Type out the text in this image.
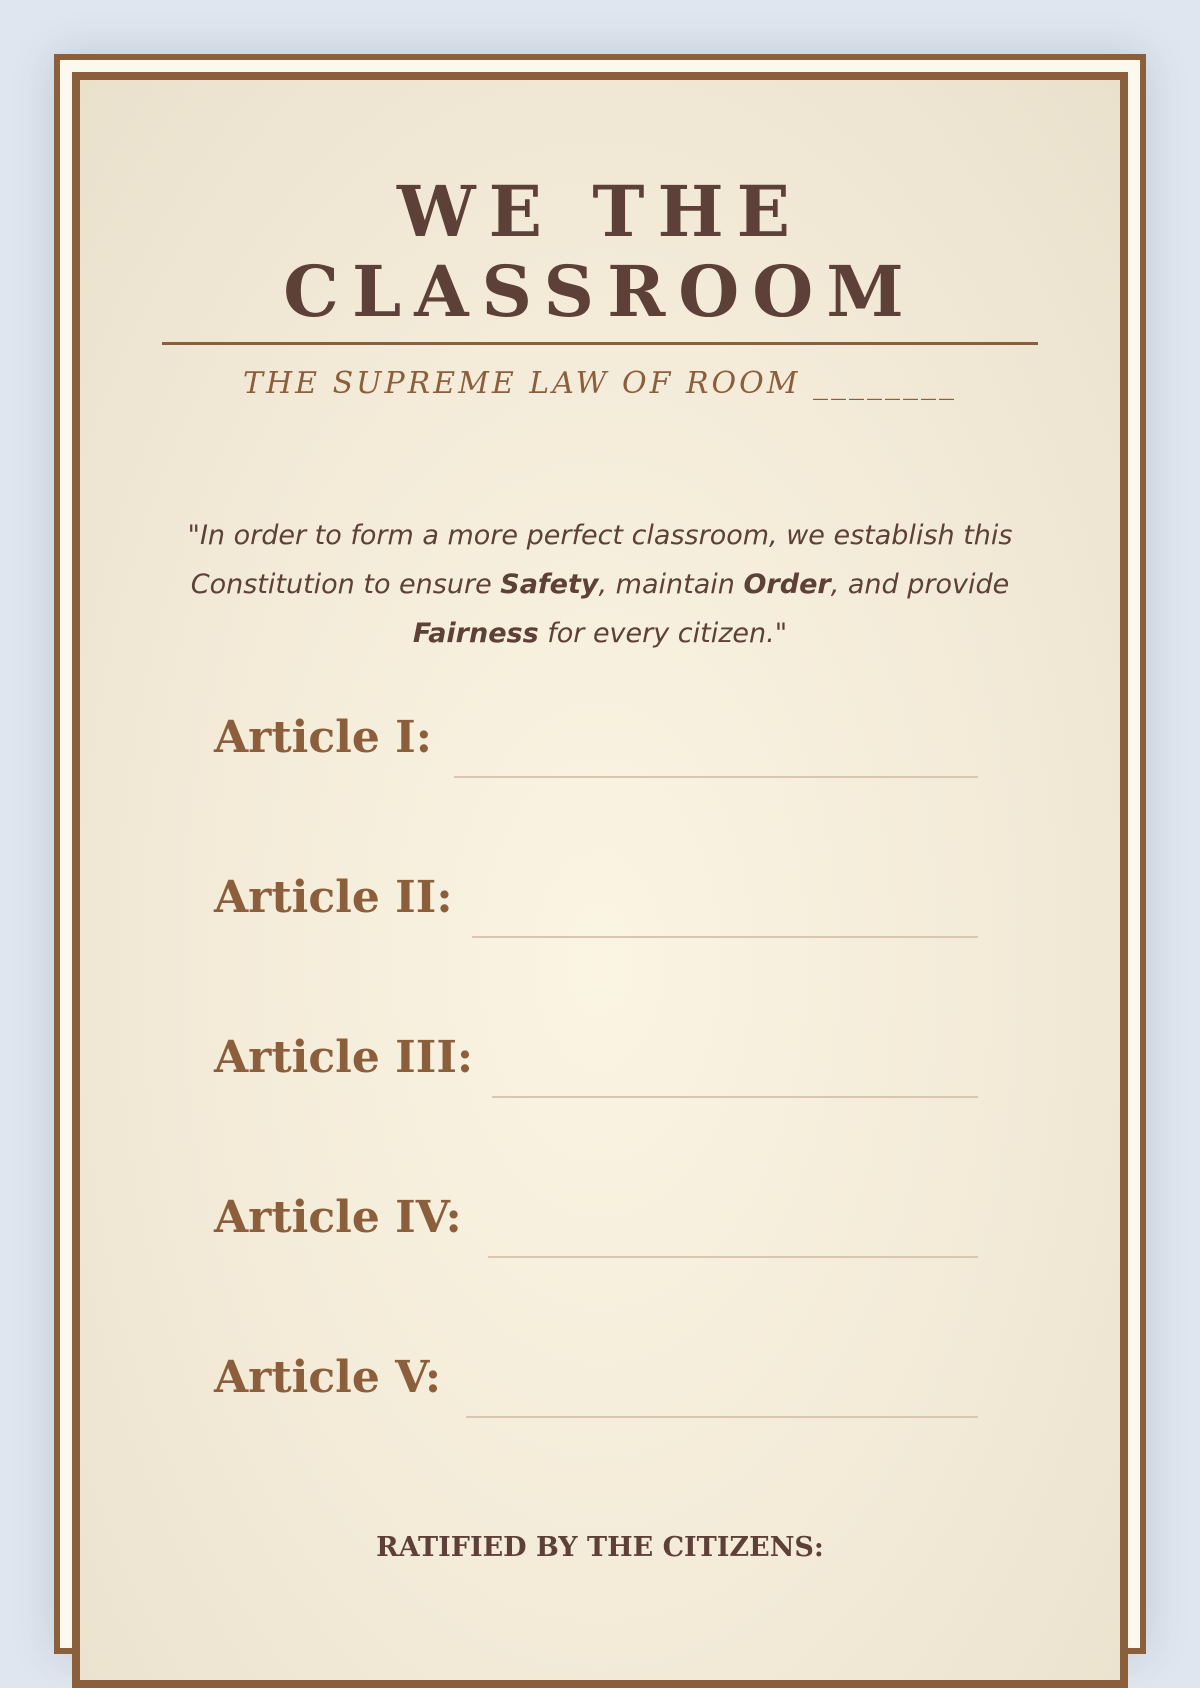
WE THE
CLASSROOM
THE SUPREME LAW OF ROOM ________

"In order to form a more perfect classroom, we establish this Constitution to ensure Safety, maintain Order, and provide Fairness for every citizen."

Article I:
Article II:
Article III:
Article IV:
Article V:
RATIFIED BY THE CITIZENS:
